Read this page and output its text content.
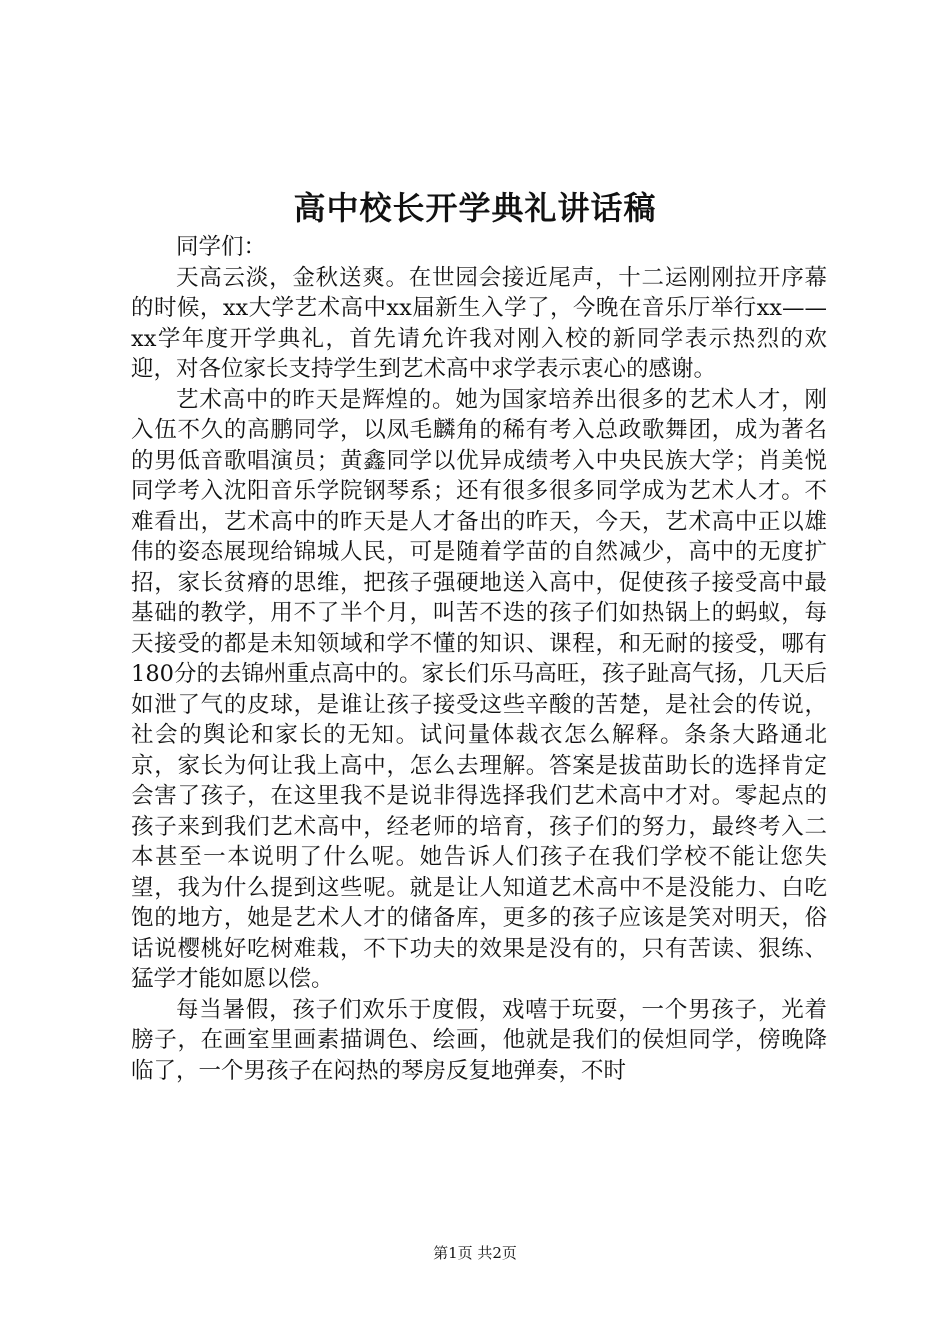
高中校长开学典礼讲话稿

同学们：

天高云淡，金秋送爽。在世园会接近尾声，十二运刚刚拉开序幕的时候，xx大学艺术高中xx届新生入学了，今晚在音乐厅举行xx——xx学年度开学典礼，首先请允许我对刚入校的新同学表示热烈的欢迎，对各位家长支持学生到艺术高中求学表示衷心的感谢。

艺术高中的昨天是辉煌的。她为国家培养出很多的艺术人才，刚入伍不久的高鹏同学，以凤毛麟角的稀有考入总政歌舞团，成为著名的男低音歌唱演员；黄鑫同学以优异成绩考入中央民族大学；肖美悦同学考入沈阳音乐学院钢琴系；还有很多很多同学成为艺术人才。不难看出，艺术高中的昨天是人才备出的昨天，今天，艺术高中正以雄伟的姿态展现给锦城人民，可是随着学苗的自然减少，高中的无度扩招，家长贫瘠的思维，把孩子强硬地送入高中，促使孩子接受高中最基础的教学，用不了半个月，叫苦不迭的孩子们如热锅上的蚂蚁，每天接受的都是未知领域和学不懂的知识、课程，和无耐的接受，哪有180分的去锦州重点高中的。家长们乐马高旺，孩子趾高气扬，几天后如泄了气的皮球，是谁让孩子接受这些辛酸的苦楚，是社会的传说，社会的舆论和家长的无知。试问量体裁衣怎么解释。条条大路通北京，家长为何让我上高中，怎么去理解。答案是拔苗助长的选择肯定会害了孩子，在这里我不是说非得选择我们艺术高中才对。零起点的孩子来到我们艺术高中，经老师的培育，孩子们的努力，最终考入二本甚至一本说明了什么呢。她告诉人们孩子在我们学校不能让您失望，我为什么提到这些呢。就是让人知道艺术高中不是没能力、白吃饱的地方，她是艺术人才的储备库，更多的孩子应该是笑对明天，俗话说樱桃好吃树难栽，不下功夫的效果是没有的，只有苦读、狠练、猛学才能如愿以偿。

每当暑假，孩子们欢乐于度假，戏嘻于玩耍，一个男孩子，光着膀子，在画室里画素描调色、绘画，他就是我们的侯炟同学，傍晚降临了，一个男孩子在闷热的琴房反复地弹奏，不时

第1页 共2页
